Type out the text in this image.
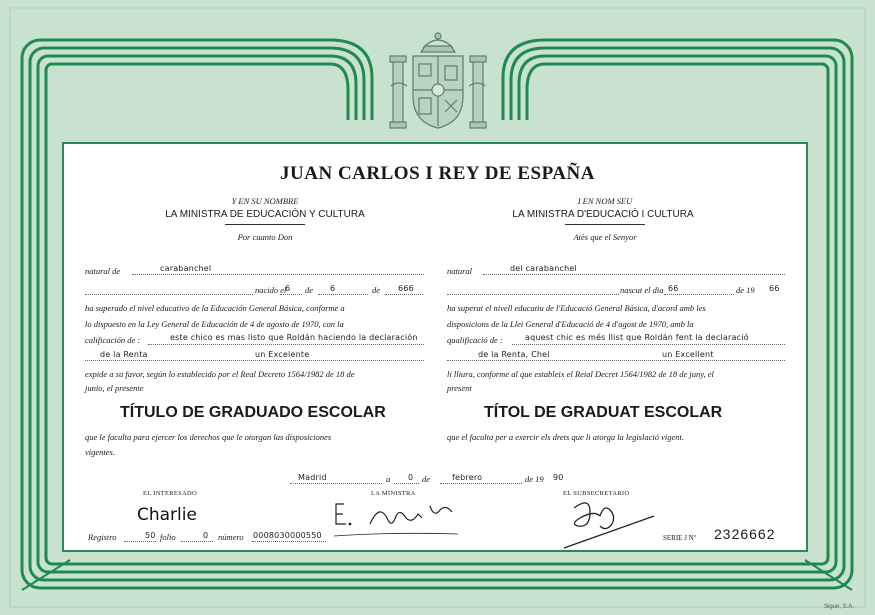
JUAN CARLOS I REY DE ESPAÑA
Y EN SU NOMBRE
LA MINISTRA DE EDUCACIÓN Y CULTURA
Por cuanto Don
I EN NOM SEU
LA MINISTRA D'EDUCACIÓ I CULTURA
Atès que el Senyor
natural de	carabanchel
nacido el
6 de 6	de 666
ha superado el nivel educativo de la Educación General Básica, conforme a
lo dispuesto en la Ley General de Educación de 4 de agosto de 1970, con la
calificación de :	este chico es mas listo que Roldán haciendo la declaración
de la Renta	un Excelente
expide a su favor, según lo establecido por el Real Decreto 1564/1982 de 18 de
junio, el presente
TÍTULO DE GRADUADO ESCOLAR
que le faculta para ejercer los derechos que le otorgan las disposiciones
vigentes.
natural	del carabanchel
nascut el dia 66	de 19 66
ha superat el nivell educatiu de l'Educació General Bàsica, d'acord amb les
disposicions de la Llei General d'Educació de 4 d'agost de 1970, amb la
qualificació de :	aquest chic es més llist que Roldán fent la declaració
de la Renta, Chel	un Excellent
li lliura, conforme al que estableix el Reial Decret 1564/1982 de 18 de juny, el
present
TÍTOL DE GRADUAT ESCOLAR
que el faculta per a exercir els drets que li atorga la legislació vigent.
Madrid	a 0 de	febrero	de 19 90
EL INTERESADO	LA MINISTRA	EL SUBSECRETARIO
Charlie
Registro	50 folio	0 número 0008030000550	SERIE J Nº 2326662
Sigue, S.A.
